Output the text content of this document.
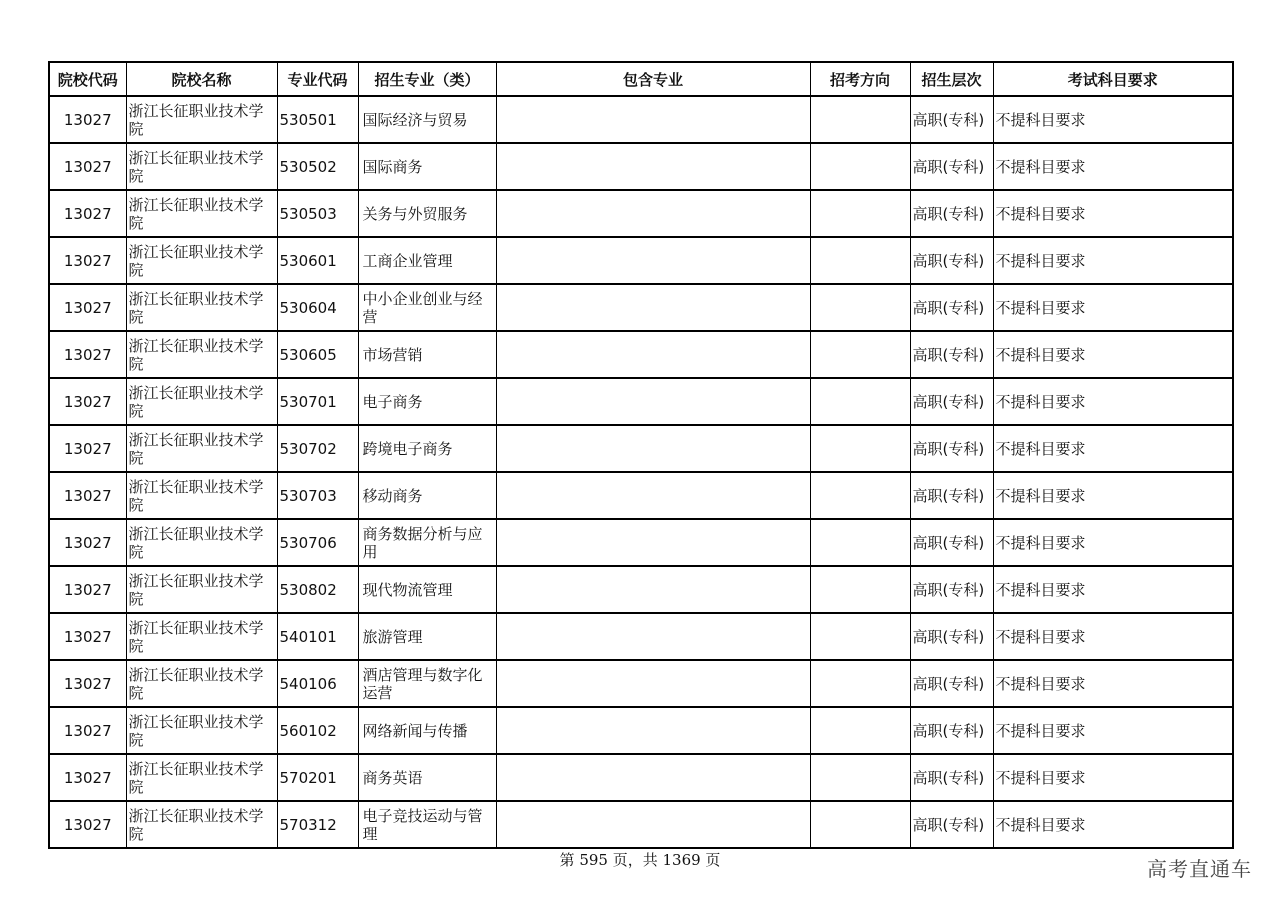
院校代码	院校名称	专业代码	招生专业（类）	包含专业	招考方向	招生层次	考试科目要求
13027	浙江长征职业技术学院	530501	国际经济与贸易			高职(专科)	不提科目要求
13027	浙江长征职业技术学院	530502	国际商务			高职(专科)	不提科目要求
13027	浙江长征职业技术学院	530503	关务与外贸服务			高职(专科)	不提科目要求
13027	浙江长征职业技术学院	530601	工商企业管理			高职(专科)	不提科目要求
13027	浙江长征职业技术学院	530604	中小企业创业与经营			高职(专科)	不提科目要求
13027	浙江长征职业技术学院	530605	市场营销			高职(专科)	不提科目要求
13027	浙江长征职业技术学院	530701	电子商务			高职(专科)	不提科目要求
13027	浙江长征职业技术学院	530702	跨境电子商务			高职(专科)	不提科目要求
13027	浙江长征职业技术学院	530703	移动商务			高职(专科)	不提科目要求
13027	浙江长征职业技术学院	530706	商务数据分析与应用			高职(专科)	不提科目要求
13027	浙江长征职业技术学院	530802	现代物流管理			高职(专科)	不提科目要求
13027	浙江长征职业技术学院	540101	旅游管理			高职(专科)	不提科目要求
13027	浙江长征职业技术学院	540106	酒店管理与数字化运营			高职(专科)	不提科目要求
13027	浙江长征职业技术学院	560102	网络新闻与传播			高职(专科)	不提科目要求
13027	浙江长征职业技术学院	570201	商务英语			高职(专科)	不提科目要求
13027	浙江长征职业技术学院	570312	电子竞技运动与管理			高职(专科)	不提科目要求
第 595 页，共 1369 页	高考直通车
